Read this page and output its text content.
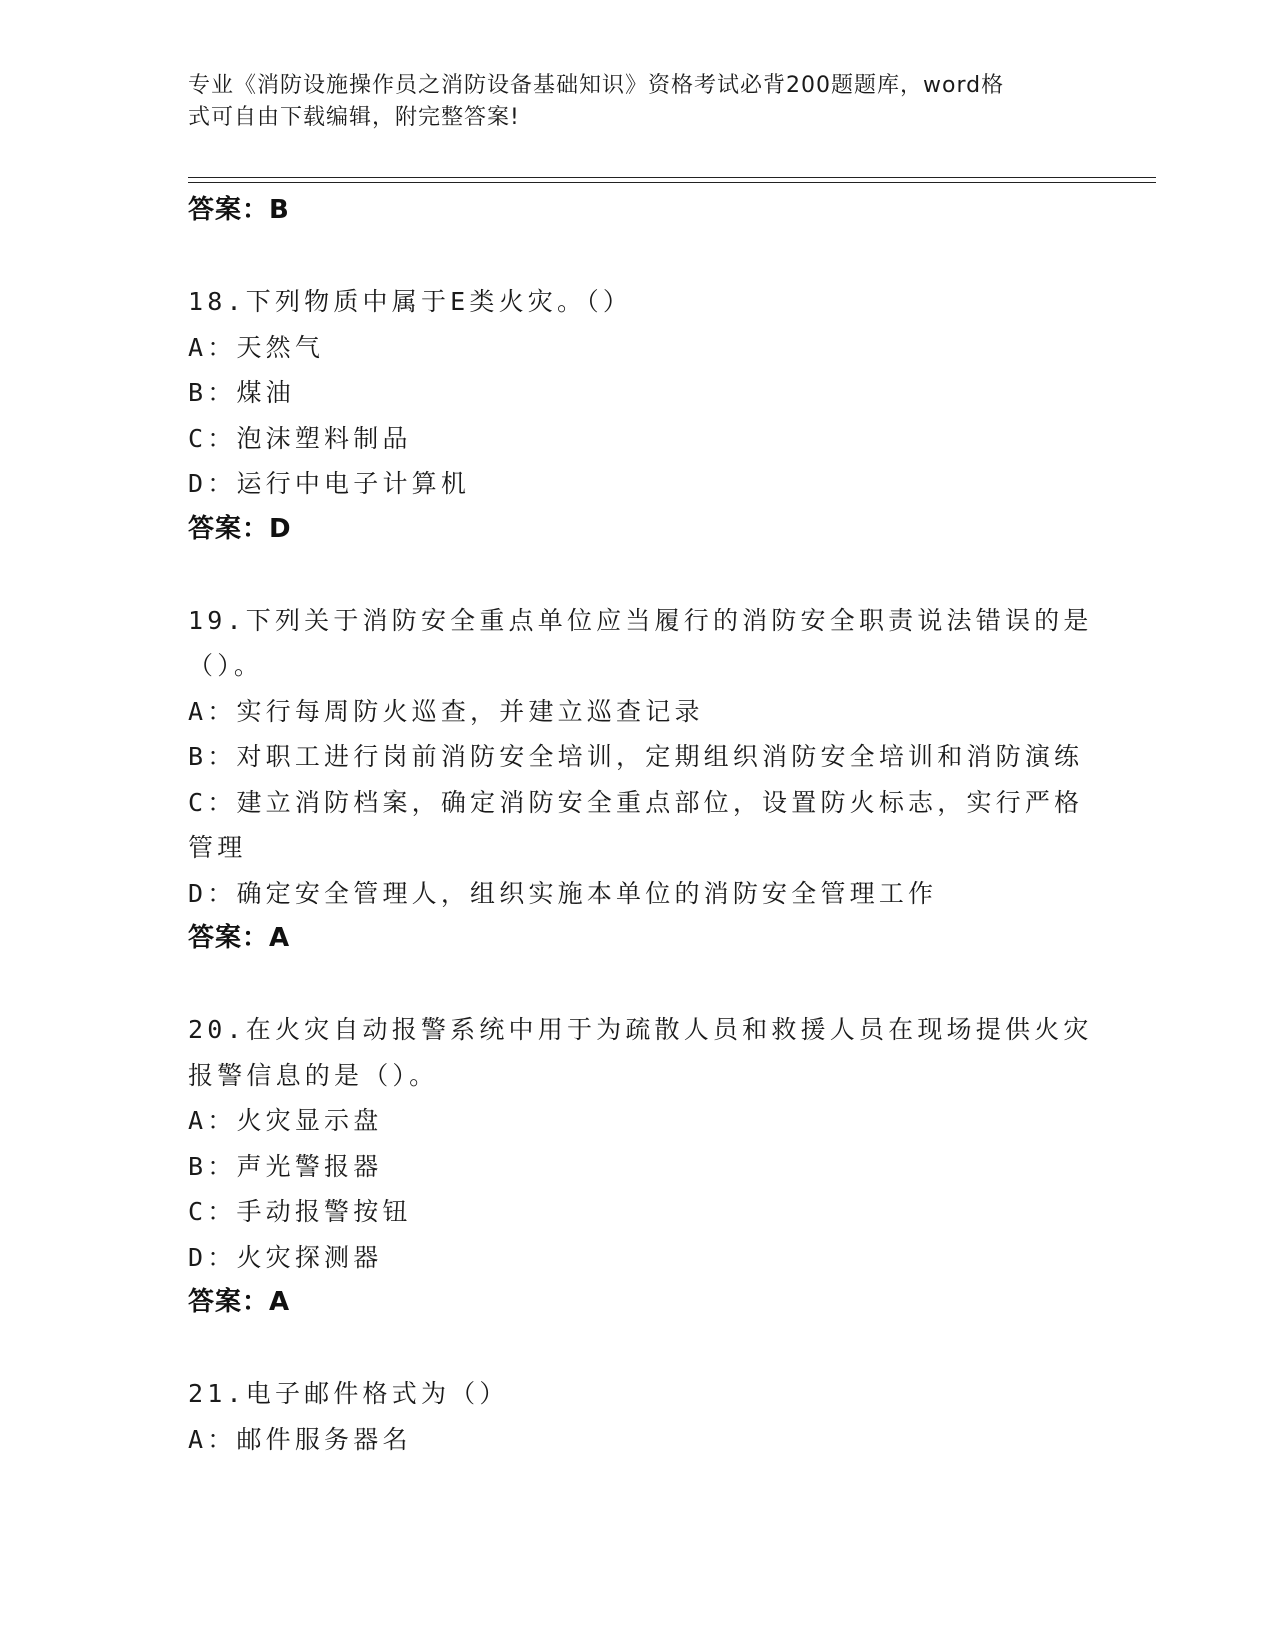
专业《消防设施操作员之消防设备基础知识》资格考试必背200题题库，word格
式可自由下载编辑，附完整答案!
答案：B
18.下列物质中属于E类火灾。（）
A：天然气
B：煤油
C：泡沫塑料制品
D：运行中电子计算机
答案：D
19.下列关于消防安全重点单位应当履行的消防安全职责说法错误的是
（）。
A：实行每周防火巡查，并建立巡查记录
B：对职工进行岗前消防安全培训，定期组织消防安全培训和消防演练
C：建立消防档案，确定消防安全重点部位，设置防火标志，实行严格
管理
D：确定安全管理人，组织实施本单位的消防安全管理工作
答案：A
20.在火灾自动报警系统中用于为疏散人员和救援人员在现场提供火灾
报警信息的是（）。
A：火灾显示盘
B：声光警报器
C：手动报警按钮
D：火灾探测器
答案：A
21.电子邮件格式为（）
A：邮件服务器名
